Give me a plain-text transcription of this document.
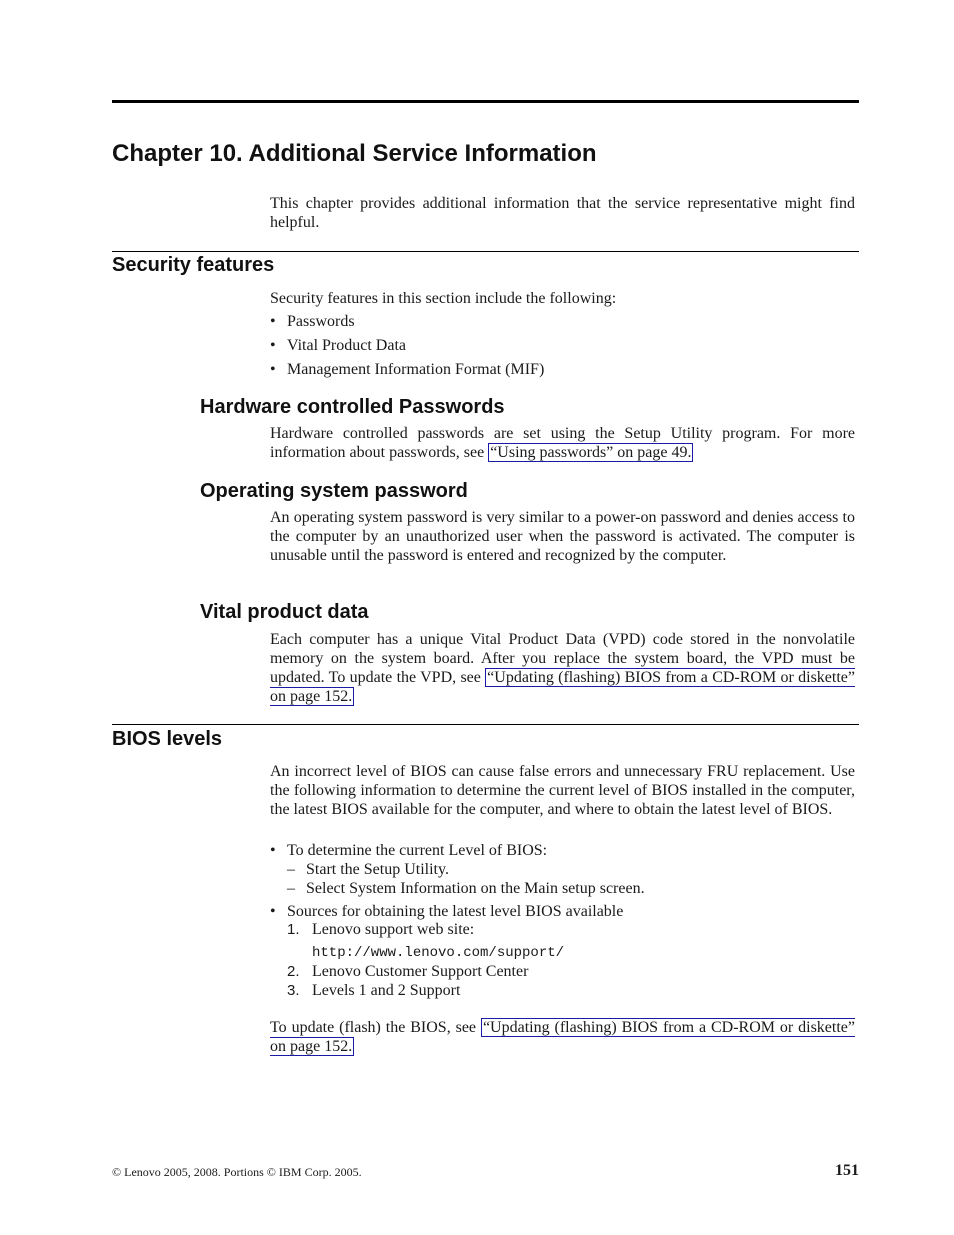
Chapter 10. Additional Service Information

This chapter provides additional information that the service representative might find helpful.

Security features

Security features in this section include the following:

• Passwords
• Vital Product Data
• Management Information Format (MIF)
Hardware controlled Passwords

Hardware controlled passwords are set using the Setup Utility program. For more information about passwords, see “Using passwords” on page 49.

Operating system password

An operating system password is very similar to a power-on password and denies access to the computer by an unauthorized user when the password is activated. The computer is unusable until the password is entered and recognized by the computer.

Vital product data

Each computer has a unique Vital Product Data (VPD) code stored in the nonvolatile memory on the system board. After you replace the system board, the VPD must be updated. To update the VPD, see “Updating (flashing) BIOS from a CD-ROM or diskette” on page 152.

BIOS levels

An incorrect level of BIOS can cause false errors and unnecessary FRU replacement. Use the following information to determine the current level of BIOS installed in the computer, the latest BIOS available for the computer, and where to obtain the latest level of BIOS.

• To determine the current Level of BIOS:
– Start the Setup Utility.
– Select System Information on the Main setup screen.
• Sources for obtaining the latest level BIOS available
1. Lenovo support web site:
http://www.lenovo.com/support/
2. Lenovo Customer Support Center
3. Levels 1 and 2 Support

To update (flash) the BIOS, see “Updating (flashing) BIOS from a CD-ROM or diskette” on page 152.

© Lenovo 2005, 2008. Portions © IBM Corp. 2005.	151
